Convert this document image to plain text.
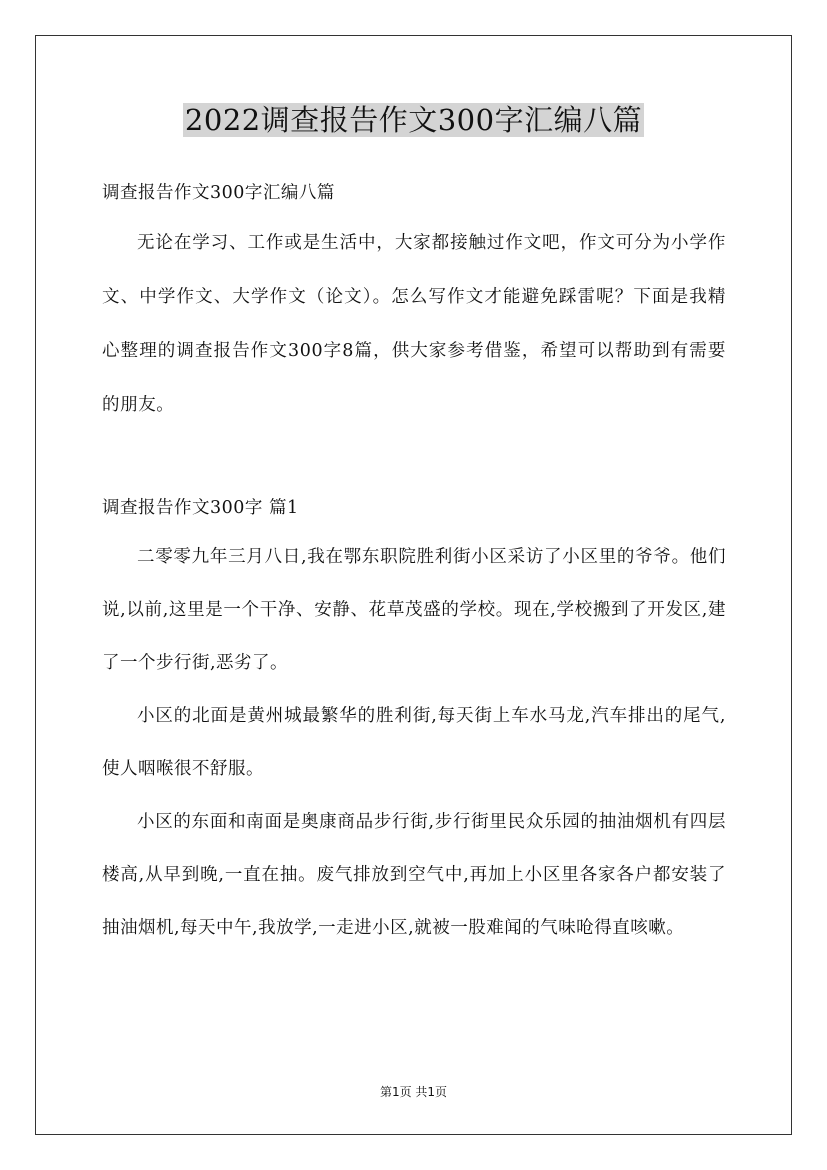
2022调查报告作文300字汇编八篇

调查报告作文300字汇编八篇

无论在学习、工作或是生活中，大家都接触过作文吧，作文可分为小学作文、中学作文、大学作文（论文）。怎么写作文才能避免踩雷呢？下面是我精心整理的调查报告作文300字8篇，供大家参考借鉴，希望可以帮助到有需要的朋友。

调查报告作文300字 篇1

二零零九年三月八日,我在鄂东职院胜利街小区采访了小区里的爷爷。他们说,以前,这里是一个干净、安静、花草茂盛的学校。现在,学校搬到了开发区,建了一个步行街,恶劣了。

小区的北面是黄州城最繁华的胜利街,每天街上车水马龙,汽车排出的尾气,使人咽喉很不舒服。

小区的东面和南面是奥康商品步行街,步行街里民众乐园的抽油烟机有四层楼高,从早到晚,一直在抽。废气排放到空气中,再加上小区里各家各户都安装了抽油烟机,每天中午,我放学,一走进小区,就被一股难闻的气味呛得直咳嗽。

第1页 共1页
